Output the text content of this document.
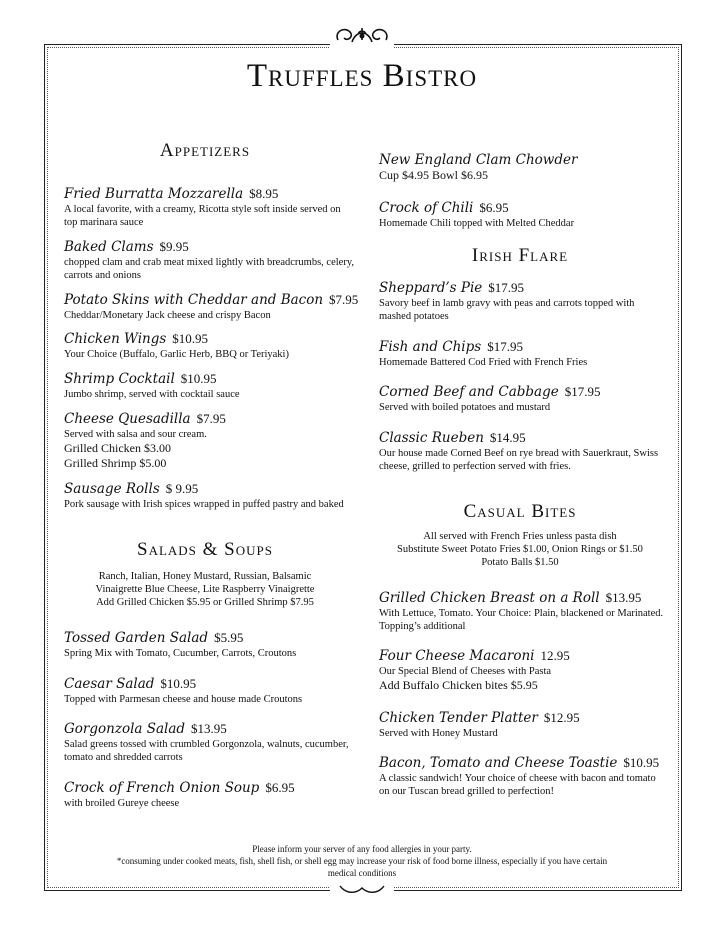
Truffles Bistro
Appetizers
Fried Burratta Mozzarella $8.95
A local favorite, with a creamy, Ricotta style soft inside served on top marinara sauce
Baked Clams $9.95
chopped clam and crab meat mixed lightly with breadcrumbs, celery, carrots and onions
Potato Skins with Cheddar and Bacon $7.95
Cheddar/Monetary Jack cheese and crispy Bacon
Chicken Wings $10.95
Your Choice (Buffalo, Garlic Herb, BBQ or Teriyaki)
Shrimp Cocktail $10.95
Jumbo shrimp, served with cocktail sauce
Cheese Quesadilla $7.95
Served with salsa and sour cream.
Grilled Chicken $3.00
Grilled Shrimp $5.00
Sausage Rolls $ 9.95
Pork sausage with Irish spices wrapped in puffed pastry and baked
Salads & Soups
Ranch, Italian, Honey Mustard, Russian, Balsamic
Vinaigrette Blue Cheese, Lite Raspberry Vinaigrette
Add Grilled Chicken $5.95 or Grilled Shrimp $7.95
Tossed Garden Salad $5.95
Spring Mix with Tomato, Cucumber, Carrots, Croutons
Caesar Salad $10.95
Topped with Parmesan cheese and house made Croutons
Gorgonzola Salad $13.95
Salad greens tossed with crumbled Gorgonzola, walnuts, cucumber, tomato and shredded carrots
Crock of French Onion Soup $6.95
with broiled Gureye cheese
New England Clam Chowder
Cup $4.95 Bowl $6.95
Crock of Chili $6.95
Homemade Chili topped with Melted Cheddar
Irish Flare
Sheppard’s Pie $17.95
Savory beef in lamb gravy with peas and carrots topped with mashed potatoes
Fish and Chips $17.95
Homemade Battered Cod Fried with French Fries
Corned Beef and Cabbage $17.95
Served with boiled potatoes and mustard
Classic Rueben $14.95
Our house made Corned Beef on rye bread with Sauerkraut, Swiss cheese, grilled to perfection served with fries.
Casual Bites
All served with French Fries unless pasta dish
Substitute Sweet Potato Fries $1.00, Onion Rings or $1.50
Potato Balls $1.50
Grilled Chicken Breast on a Roll $13.95
With Lettuce, Tomato. Your Choice: Plain, blackened or Marinated. Topping’s additional
Four Cheese Macaroni 12.95
Our Special Blend of Cheeses with Pasta
Add Buffalo Chicken bites $5.95
Chicken Tender Platter $12.95
Served with Honey Mustard
Bacon, Tomato and Cheese Toastie $10.95
A classic sandwich! Your choice of cheese with bacon and tomato on our Tuscan bread grilled to perfection!
Please inform your server of any food allergies in your party.
*consuming under cooked meats, fish, shell fish, or shell egg may increase your risk of food borne illness, especially if you have certain
medical conditions
